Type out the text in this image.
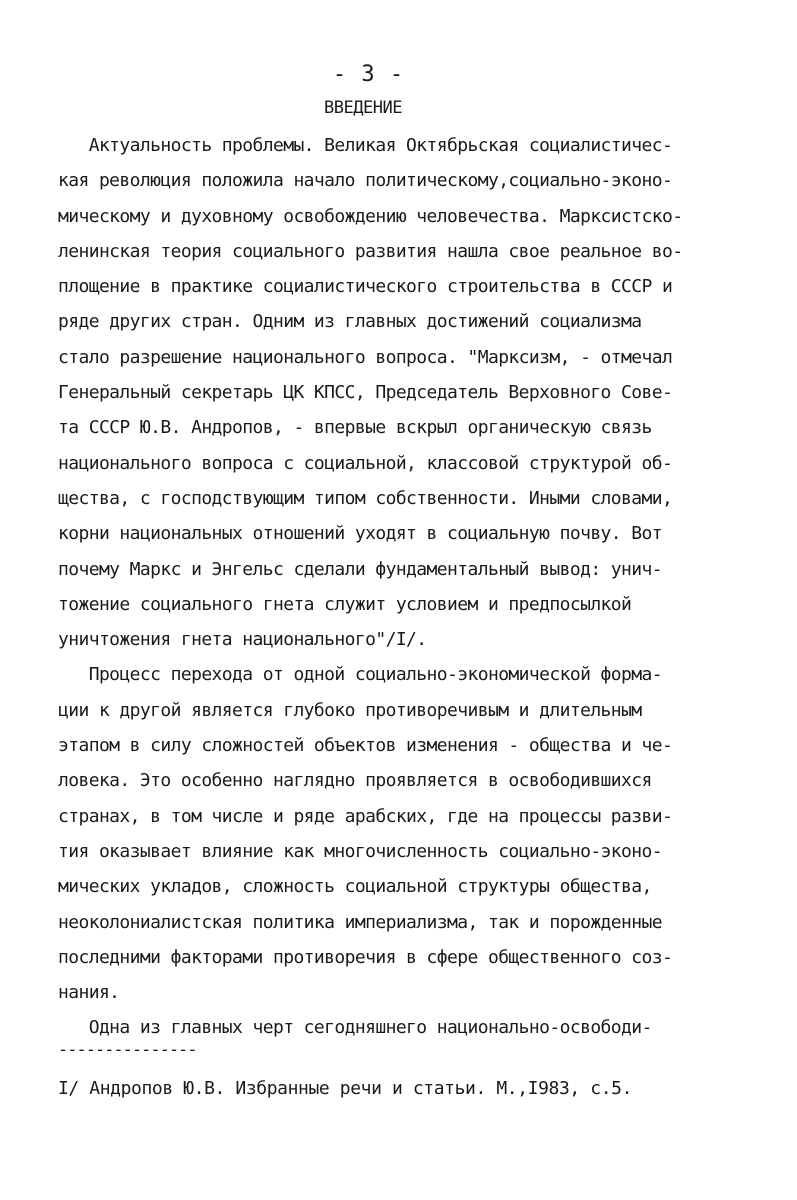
- 3 -
ВВЕДЕНИЕ
Актуальность проблемы. Великая Октябрьская социалистичес-
кая революция положила начало политическому,социально-эконо-
мическому и духовному освобождению человечества. Марксистско-
ленинская теория социального развития нашла свое реальное во-
площение в практике социалистического строительства в СССР и
ряде других стран. Одним из главных достижений социализма
стало разрешение национального вопроса. "Марксизм, - отмечал
Генеральный секретарь ЦК КПСС, Председатель Верховного Сове-
та СССР Ю.В. Андропов, - впервые вскрыл органическую связь
национального вопроса с социальной, классовой структурой об-
щества, с господствующим типом собственности. Иными словами,
корни национальных отношений уходят в социальную почву. Вот
почему Маркс и Энгельс сделали фундаментальный вывод: унич-
тожение социального гнета служит условием и предпосылкой
уничтожения гнета национального"/I/.
Процесс перехода от одной социально-экономической форма-
ции к другой является глубоко противоречивым и длительным
этапом в силу сложностей объектов изменения - общества и че-
ловека. Это особенно наглядно проявляется в освободившихся
странах, в том числе и ряде арабских, где на процессы разви-
тия оказывает влияние как многочисленность социально-эконо-
мических укладов, сложность социальной структуры общества,
неоколониалистская политика империализма, так и порожденные
последними факторами противоречия в сфере общественного соз-
нания.
Одна из главных черт сегодняшнего национально-освободи-
---------------
I/ Андропов Ю.В. Избранные речи и статьи. М.,I983, с.5.
